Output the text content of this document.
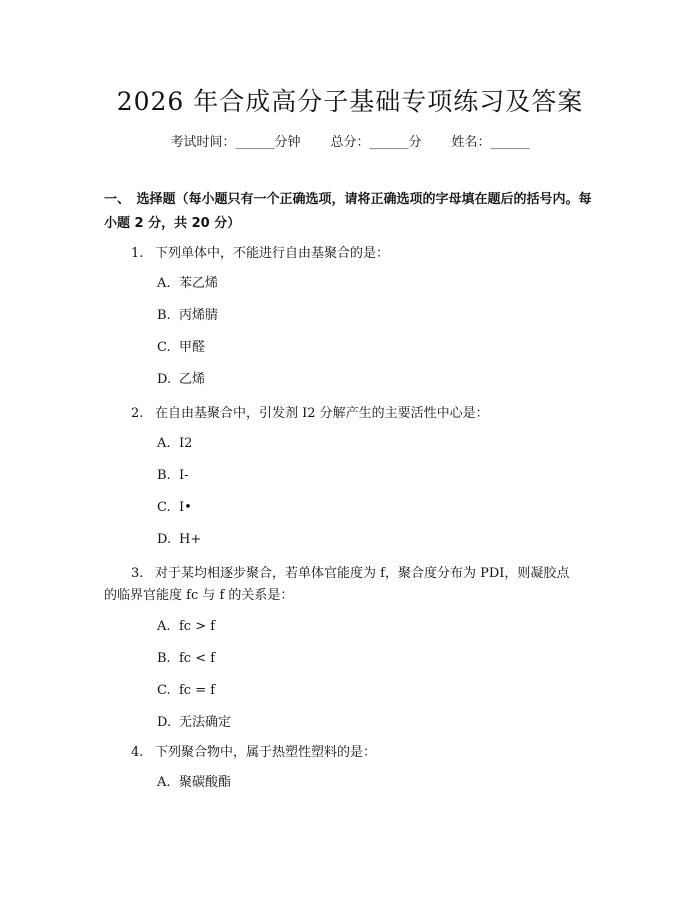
2026 年合成高分子基础专项练习及答案
考试时间：______分钟 总分：______分 姓名：______
一、　选择题（每小题只有一个正确选项，请将正确选项的字母填在题后的括号内。每小题 2 分，共 20 分）
1. 下列单体中，不能进行自由基聚合的是：
A. 苯乙烯
B. 丙烯腈
C. 甲醛
D. 乙烯
2. 在自由基聚合中，引发剂 I2 分解产生的主要活性中心是：
A. I2
B. I-
C. I•
D. H+
3. 对于某均相逐步聚合，若单体官能度为 f，聚合度分布为 PDI，则凝胶点
的临界官能度 fc 与 f 的关系是：
A. fc > f
B. fc < f
C. fc = f
D. 无法确定
4. 下列聚合物中，属于热塑性塑料的是：
A. 聚碳酸酯
